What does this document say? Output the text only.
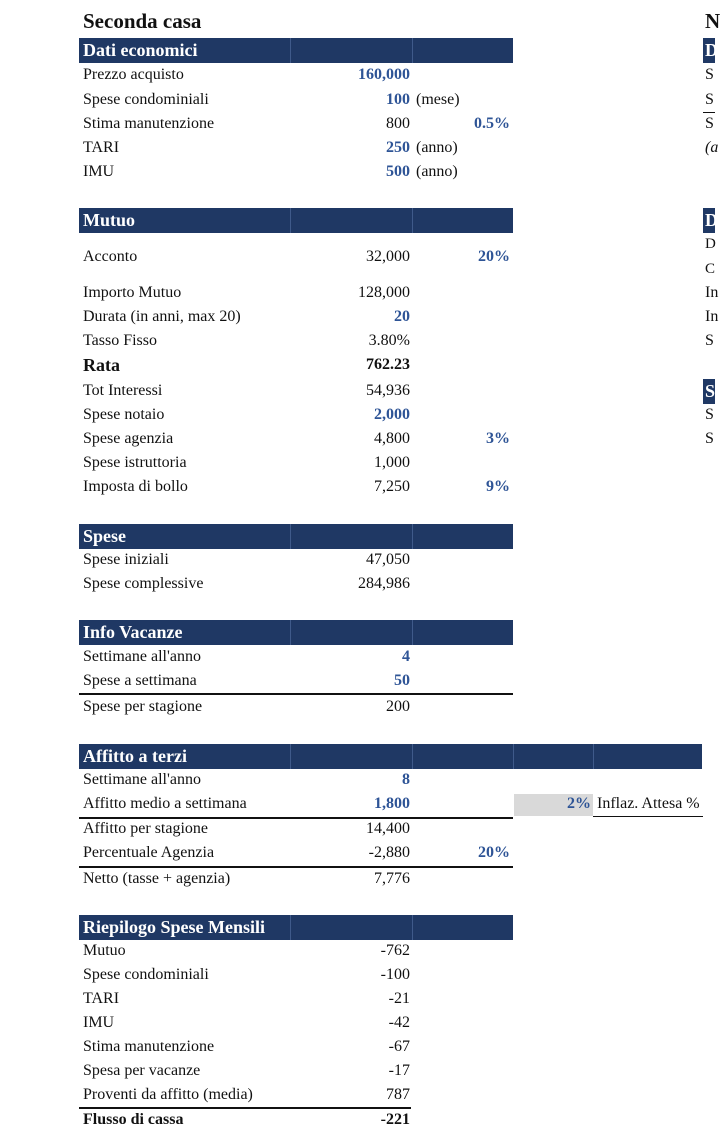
Seconda casa	N
Dati economici
Prezzo acquisto	160,000
Spese condominiali	100 (mese)
Stima manutenzione	800	0.5%
TARI	250 (anno)
IMU	500 (anno)
Mutuo
Acconto	32,000	20%
Importo Mutuo	128,000
Durata (in anni, max 20)	20
Tasso Fisso	3.80%
Rata	762.23
Tot Interessi	54,936
Spese notaio	2,000
Spese agenzia	4,800	3%
Spese istruttoria	1,000
Imposta di bollo	7,250	9%
Spese
Spese iniziali	47,050
Spese complessive	284,986
Info Vacanze
Settimane all'anno	4
Spese a settimana	50
Spese per stagione	200
Affitto a terzi
Settimane all'anno	8
Affitto medio a settimana	1,800	2% Inflaz. Attesa %
Affitto per stagione	14,400
Percentuale Agenzia	-2,880	20%
Netto (tasse + agenzia)	7,776
Riepilogo Spese Mensili
Mutuo	-762
Spese condominiali	-100
TARI	-21
IMU	-42
Stima manutenzione	-67
Spesa per vacanze	-17
Proventi da affitto (media)	787
Flusso di cassa	-221
D
S
S
S
(a
D
D
C
In
In
S
S
S
S
